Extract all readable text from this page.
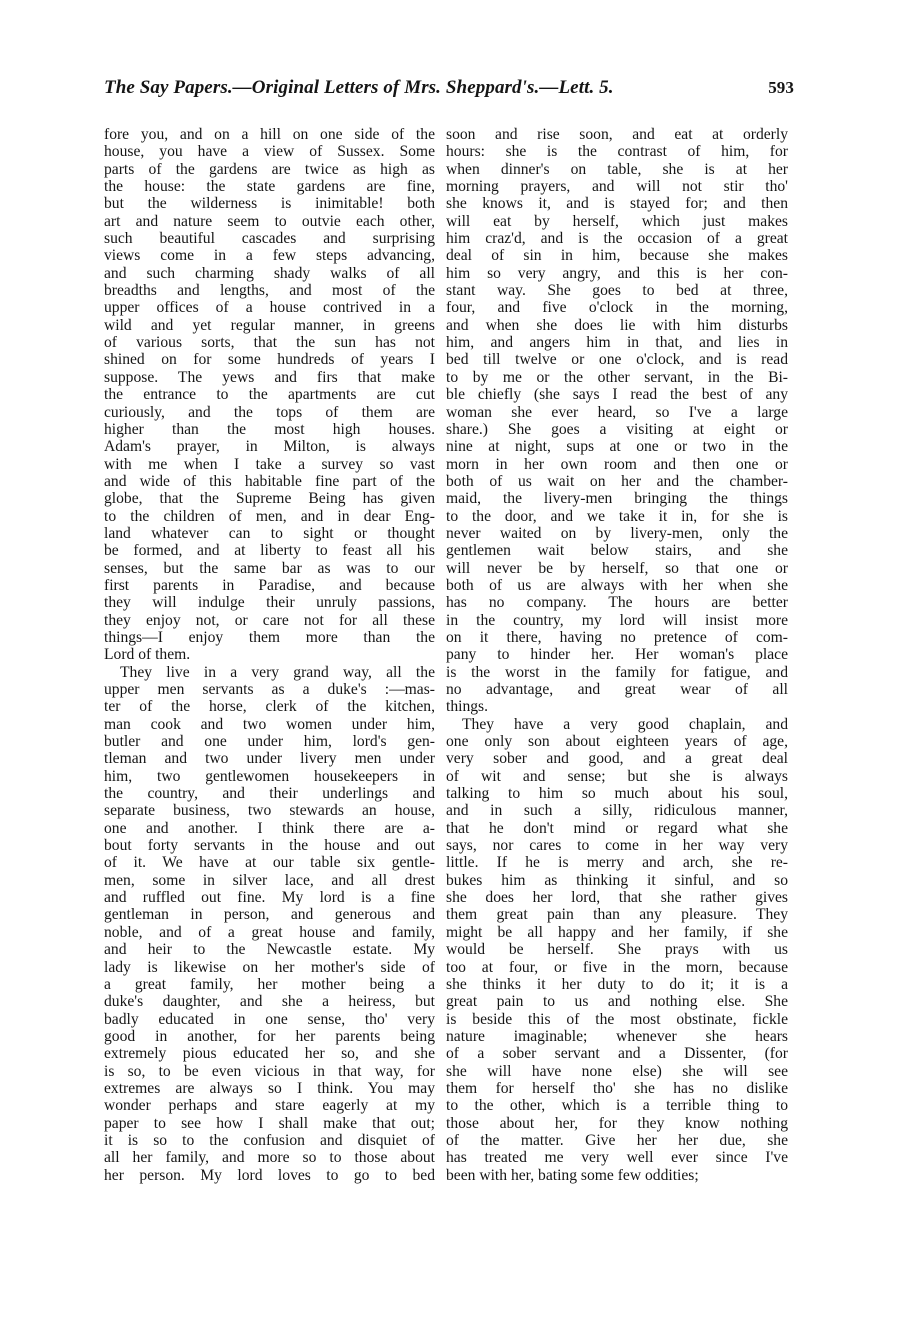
The Say Papers.—Original Letters of Mrs. Sheppard's.—Lett. 5.	593
fore you, and on a hill on one side of the
house, you have a view of Sussex. Some
parts of the gardens are twice as high as
the house: the state gardens are fine,
but the wilderness is inimitable! both
art and nature seem to outvie each other,
such beautiful cascades and surprising
views come in a few steps advancing,
and such charming shady walks of all
breadths and lengths, and most of the
upper offices of a house contrived in a
wild and yet regular manner, in greens
of various sorts, that the sun has not
shined on for some hundreds of years I
suppose. The yews and firs that make
the entrance to the apartments are cut
curiously, and the tops of them are
higher than the most high houses.
Adam's prayer, in Milton, is always
with me when I take a survey so vast
and wide of this habitable fine part of the
globe, that the Supreme Being has given
to the children of men, and in dear Eng-
land whatever can to sight or thought
be formed, and at liberty to feast all his
senses, but the same bar as was to our
first parents in Paradise, and because
they will indulge their unruly passions,
they enjoy not, or care not for all these
things—I enjoy them more than the
Lord of them.
They live in a very grand way, all the
upper men servants as a duke's :—mas-
ter of the horse, clerk of the kitchen,
man cook and two women under him,
butler and one under him, lord's gen-
tleman and two under livery men under
him, two gentlewomen housekeepers in
the country, and their underlings and
separate business, two stewards an house,
one and another. I think there are a-
bout forty servants in the house and out
of it. We have at our table six gentle-
men, some in silver lace, and all drest
and ruffled out fine. My lord is a fine
gentleman in person, and generous and
noble, and of a great house and family,
and heir to the Newcastle estate. My
lady is likewise on her mother's side of
a great family, her mother being a
duke's daughter, and she a heiress, but
badly educated in one sense, tho' very
good in another, for her parents being
extremely pious educated her so, and she
is so, to be even vicious in that way, for
extremes are always so I think. You may
wonder perhaps and stare eagerly at my
paper to see how I shall make that out;
it is so to the confusion and disquiet of
all her family, and more so to those about
her person. My lord loves to go to bed
soon and rise soon, and eat at orderly
hours: she is the contrast of him, for
when dinner's on table, she is at her
morning prayers, and will not stir tho'
she knows it, and is stayed for; and then
will eat by herself, which just makes
him craz'd, and is the occasion of a great
deal of sin in him, because she makes
him so very angry, and this is her con-
stant way. She goes to bed at three,
four, and five o'clock in the morning,
and when she does lie with him disturbs
him, and angers him in that, and lies in
bed till twelve or one o'clock, and is read
to by me or the other servant, in the Bi-
ble chiefly (she says I read the best of any
woman she ever heard, so I've a large
share.) She goes a visiting at eight or
nine at night, sups at one or two in the
morn in her own room and then one or
both of us wait on her and the chamber-
maid, the livery-men bringing the things
to the door, and we take it in, for she is
never waited on by livery-men, only the
gentlemen wait below stairs, and she
will never be by herself, so that one or
both of us are always with her when she
has no company. The hours are better
in the country, my lord will insist more
on it there, having no pretence of com-
pany to hinder her. Her woman's place
is the worst in the family for fatigue, and
no advantage, and great wear of all
things.
They have a very good chaplain, and
one only son about eighteen years of age,
very sober and good, and a great deal
of wit and sense; but she is always
talking to him so much about his soul,
and in such a silly, ridiculous manner,
that he don't mind or regard what she
says, nor cares to come in her way very
little. If he is merry and arch, she re-
bukes him as thinking it sinful, and so
she does her lord, that she rather gives
them great pain than any pleasure. They
might be all happy and her family, if she
would be herself. She prays with us
too at four, or five in the morn, because
she thinks it her duty to do it; it is a
great pain to us and nothing else. She
is beside this of the most obstinate, fickle
nature imaginable; whenever she hears
of a sober servant and a Dissenter, (for
she will have none else) she will see
them for herself tho' she has no dislike
to the other, which is a terrible thing to
those about her, for they know nothing
of the matter. Give her her due, she
has treated me very well ever since I've
been with her, bating some few oddities;
